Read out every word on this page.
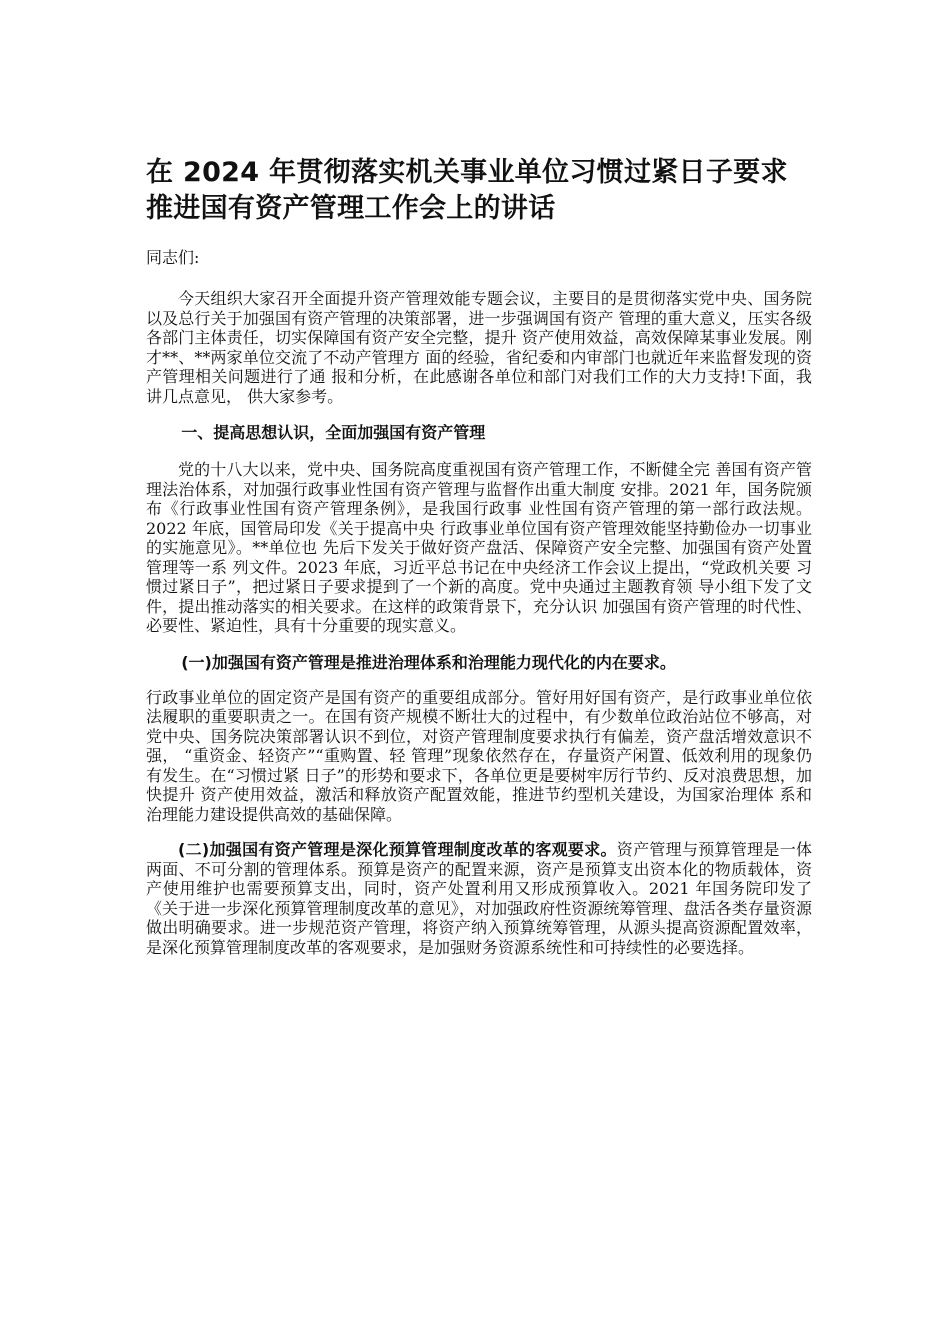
在 2024 年贯彻落实机关事业单位习惯过紧日子要求 推进国有资产管理工作会上的讲话

同志们:

今天组织大家召开全面提升资产管理效能专题会议，主要目的是贯彻落实党中央、国务院以及总行关于加强国有资产管理的决策部署，进一步强调国有资产 管理的重大意义，压实各级各部门主体责任，切实保障国有资产安全完整，提升 资产使用效益，高效保障某事业发展。刚才**、**两家单位交流了不动产管理方 面的经验，省纪委和内审部门也就近年来监督发现的资产管理相关问题进行了通 报和分析，在此感谢各单位和部门对我们工作的大力支持!下面，我讲几点意见， 供大家参考。

一、提高思想认识，全面加强国有资产管理

党的十八大以来，党中央、国务院高度重视国有资产管理工作，不断健全完 善国有资产管理法治体系，对加强行政事业性国有资产管理与监督作出重大制度 安排。2021 年，国务院颁布《行政事业性国有资产管理条例》，是我国行政事 业性国有资产管理的第一部行政法规。2022 年底，国管局印发《关于提高中央 行政事业单位国有资产管理效能坚持勤俭办一切事业的实施意见》。**单位也 先后下发关于做好资产盘活、保障资产安全完整、加强国有资产处置管理等一系 列文件。2023 年底，习近平总书记在中央经济工作会议上提出，“党政机关要 习惯过紧日子”，把过紧日子要求提到了一个新的高度。党中央通过主题教育领 导小组下发了文件，提出推动落实的相关要求。在这样的政策背景下，充分认识 加强国有资产管理的时代性、必要性、紧迫性，具有十分重要的现实意义。

(一)加强国有资产管理是推进治理体系和治理能力现代化的内在要求。

行政事业单位的固定资产是国有资产的重要组成部分。管好用好国有资产，是行政事业单位依法履职的重要职责之一。在国有资产规模不断壮大的过程中，有少数单位政治站位不够高，对党中央、国务院决策部署认识不到位，对资产管理制度要求执行有偏差，资产盘活增效意识不强， “重资金、轻资产”“重购置、轻 管理”现象依然存在，存量资产闲置、低效利用的现象仍有发生。在“习惯过紧 日子”的形势和要求下，各单位更是要树牢厉行节约、反对浪费思想，加快提升 资产使用效益，激活和释放资产配置效能，推进节约型机关建设，为国家治理体 系和治理能力建设提供高效的基础保障。

(二)加强国有资产管理是深化预算管理制度改革的客观要求。资产管理与预算管理是一体两面、不可分割的管理体系。预算是资产的配置来源，资产是预算支出资本化的物质载体，资产使用维护也需要预算支出，同时，资产处置利用又形成预算收入。2021 年国务院印发了《关于进一步深化预算管理制度改革的意见》，对加强政府性资源统筹管理、盘活各类存量资源做出明确要求。进一步规范资产管理，将资产纳入预算统筹管理，从源头提高资源配置效率，是深化预算管理制度改革的客观要求，是加强财务资源系统性和可持续性的必要选择。
